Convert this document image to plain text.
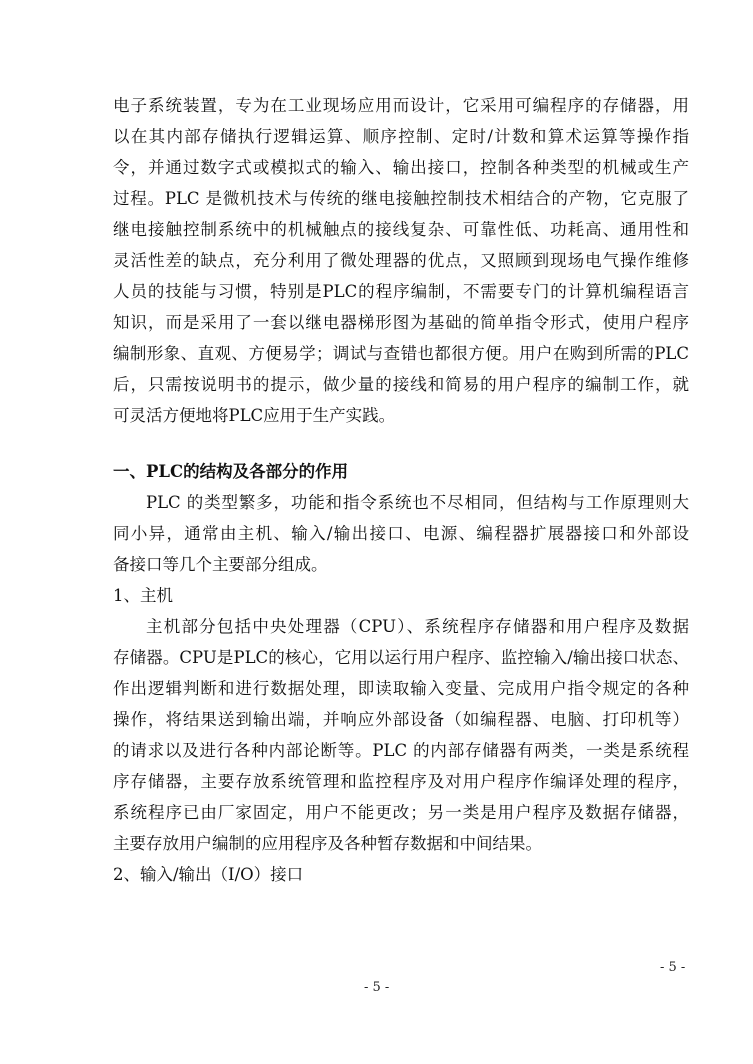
电子系统装置，专为在工业现场应用而设计，它采用可编程序的存储器，用
以在其内部存储执行逻辑运算、顺序控制、定时/计数和算术运算等操作指
令，并通过数字式或模拟式的输入、输出接口，控制各种类型的机械或生产
过程。PLC 是微机技术与传统的继电接触控制技术相结合的产物，它克服了
继电接触控制系统中的机械触点的接线复杂、可靠性低、功耗高、通用性和
灵活性差的缺点，充分利用了微处理器的优点，又照顾到现场电气操作维修
人员的技能与习惯，特别是PLC的程序编制，不需要专门的计算机编程语言
知识，而是采用了一套以继电器梯形图为基础的简单指令形式，使用户程序
编制形象、直观、方便易学；调试与查错也都很方便。用户在购到所需的PLC
后，只需按说明书的提示，做少量的接线和简易的用户程序的编制工作，就
可灵活方便地将PLC应用于生产实践。
一、PLC的结构及各部分的作用
PLC 的类型繁多，功能和指令系统也不尽相同，但结构与工作原理则大
同小异，通常由主机、输入/输出接口、电源、编程器扩展器接口和外部设
备接口等几个主要部分组成。
1、主机
主机部分包括中央处理器（CPU）、系统程序存储器和用户程序及数据
存储器。CPU是PLC的核心，它用以运行用户程序、监控输入/输出接口状态、
作出逻辑判断和进行数据处理，即读取输入变量、完成用户指令规定的各种
操作，将结果送到输出端，并响应外部设备（如编程器、电脑、打印机等）
的请求以及进行各种内部论断等。PLC 的内部存储器有两类，一类是系统程
序存储器，主要存放系统管理和监控程序及对用户程序作编译处理的程序，
系统程序已由厂家固定，用户不能更改；另一类是用户程序及数据存储器，
主要存放用户编制的应用程序及各种暂存数据和中间结果。
2、输入/输出（I/O）接口
- 5 -
- 5 -
